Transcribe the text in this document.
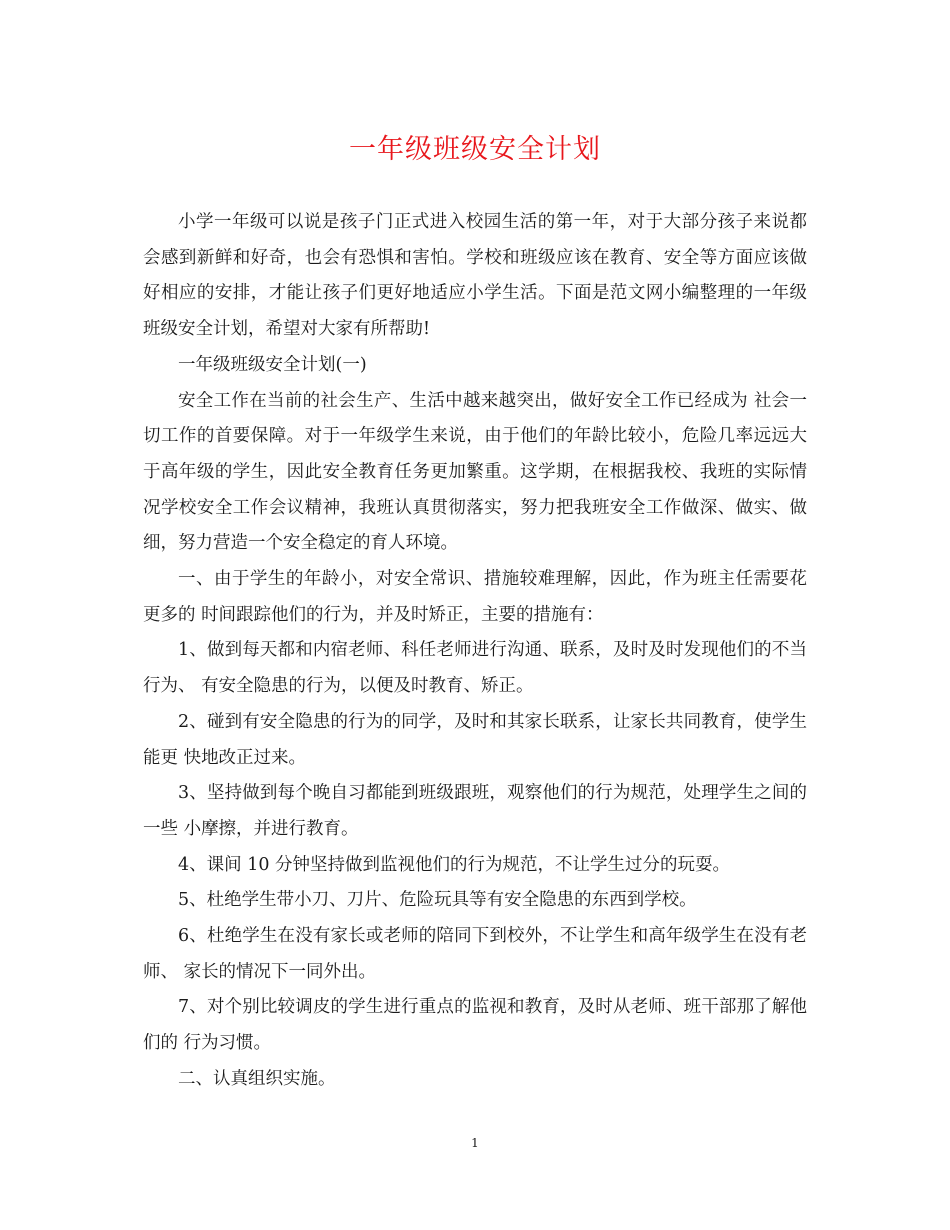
一年级班级安全计划

小学一年级可以说是孩子门正式进入校园生活的第一年，对于大部分孩子来说都会感到新鲜和好奇，也会有恐惧和害怕。学校和班级应该在教育、安全等方面应该做好相应的安排，才能让孩子们更好地适应小学生活。下面是范文网小编整理的一年级班级安全计划，希望对大家有所帮助!

一年级班级安全计划(一)

安全工作在当前的社会生产、生活中越来越突出，做好安全工作已经成为 社会一切工作的首要保障。对于一年级学生来说，由于他们的年龄比较小，危险几率远远大于高年级的学生，因此安全教育任务更加繁重。这学期，在根据我校、我班的实际情况学校安全工作会议精神，我班认真贯彻落实，努力把我班安全工作做深、做实、做细，努力营造一个安全稳定的育人环境。

一、由于学生的年龄小，对安全常识、措施较难理解，因此，作为班主任需要花更多的 时间跟踪他们的行为，并及时矫正，主要的措施有：

1、做到每天都和内宿老师、科任老师进行沟通、联系，及时及时发现他们的不当行为、 有安全隐患的行为，以便及时教育、矫正。

2、碰到有安全隐患的行为的同学，及时和其家长联系，让家长共同教育，使学生能更 快地改正过来。

3、坚持做到每个晚自习都能到班级跟班，观察他们的行为规范，处理学生之间的一些 小摩擦，并进行教育。

4、课间 10 分钟坚持做到监视他们的行为规范，不让学生过分的玩耍。

5、杜绝学生带小刀、刀片、危险玩具等有安全隐患的东西到学校。

6、杜绝学生在没有家长或老师的陪同下到校外，不让学生和高年级学生在没有老师、 家长的情况下一同外出。

7、对个别比较调皮的学生进行重点的监视和教育，及时从老师、班干部那了解他们的 行为习惯。

二、认真组织实施。

1
